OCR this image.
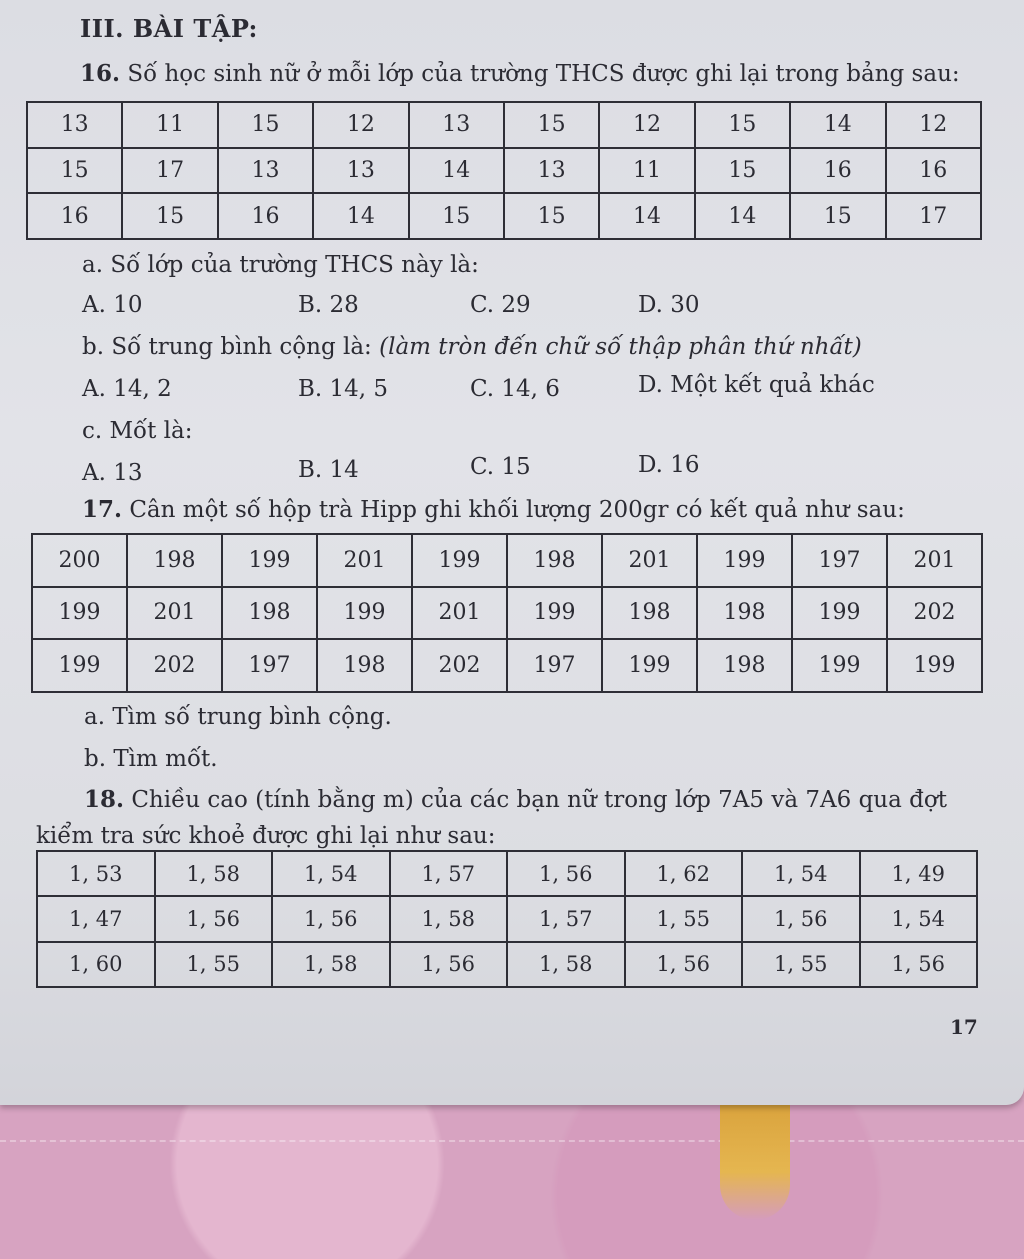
III. BÀI TẬP:
16. Số học sinh nữ ở mỗi lớp của trường THCS được ghi lại trong bảng sau:
13	11	15	12	13	15	12	15	14	12
15	17	13	13	14	13	11	15	16	16
16	15	16	14	15	15	14	14	15	17
a. Số lớp của trường THCS này là:
A. 10	B. 28	C. 29	D. 30
b. Số trung bình cộng là: (làm tròn đến chữ số thập phân thứ nhất)
A. 14, 2	B. 14, 5	C. 14, 6	D. Một kết quả khác
c. Mốt là:
A. 13	B. 14	C. 15	D. 16
17. Cân một số hộp trà Hipp ghi khối lượng 200gr có kết quả như sau:
200	198	199	201	199	198	201	199	197	201
199	201	198	199	201	199	198	198	199	202
199	202	197	198	202	197	199	198	199	199
a. Tìm số trung bình cộng.
b. Tìm mốt.
18. Chiều cao (tính bằng m) của các bạn nữ trong lớp 7A5 và 7A6 qua đợt
kiểm tra sức khoẻ được ghi lại như sau:
1, 53	1, 58	1, 54	1, 57	1, 56	1, 62	1, 54	1, 49
1, 47	1, 56	1, 56	1, 58	1, 57	1, 55	1, 56	1, 54
1, 60	1, 55	1, 58	1, 56	1, 58	1, 56	1, 55	1, 56
17
